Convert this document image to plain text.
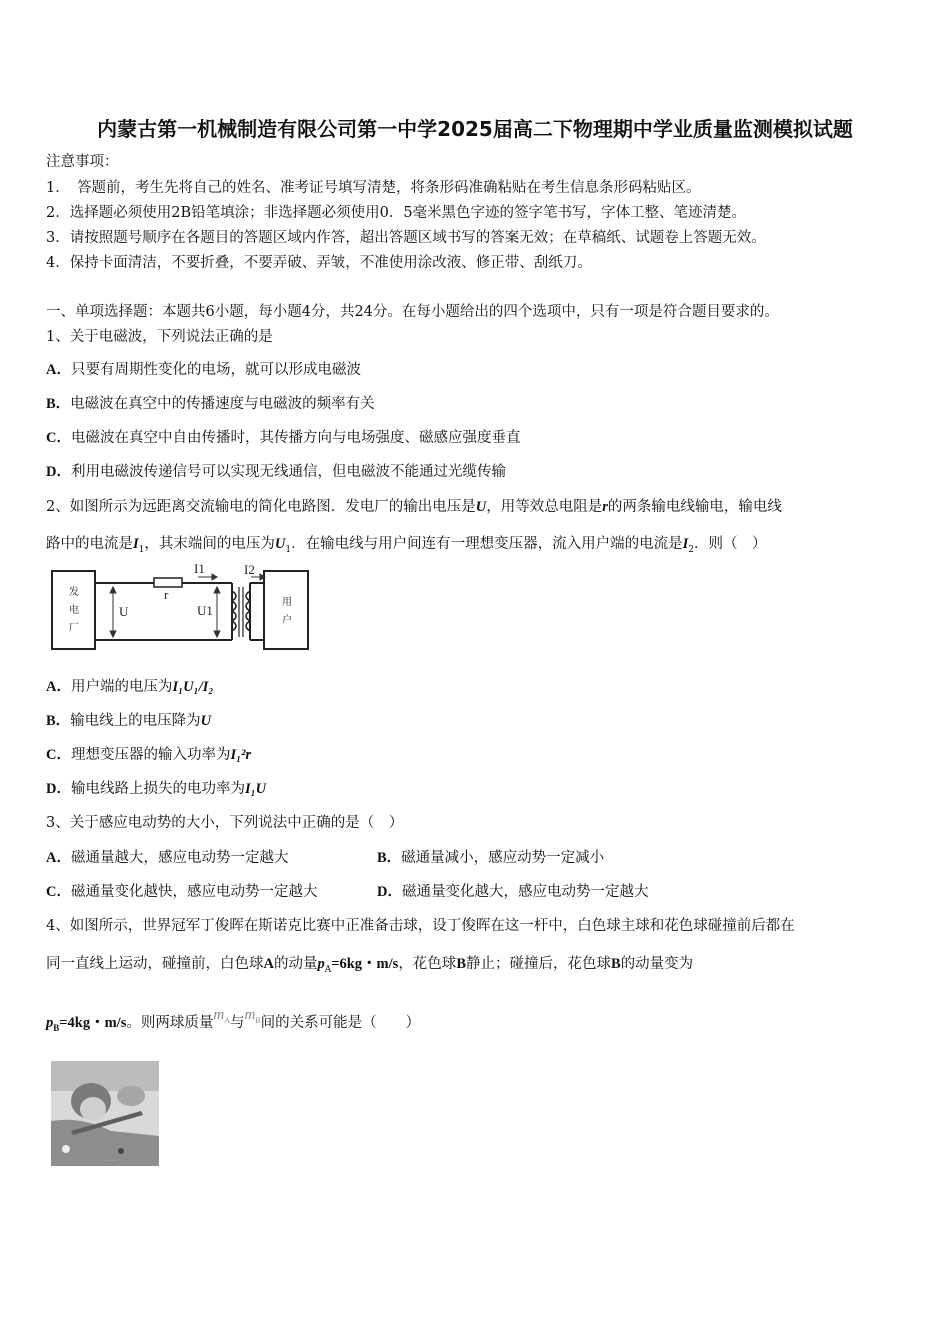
内蒙古第一机械制造有限公司第一中学2025届高二下物理期中学业质量监测模拟试题
注意事项：
1．　答题前，考生先将自己的姓名、准考证号填写清楚，将条形码准确粘贴在考生信息条形码粘贴区。
2．选择题必须使用2B铅笔填涂；非选择题必须使用0．5毫米黑色字迹的签字笔书写，字体工整、笔迹清楚。
3．请按照题号顺序在各题目的答题区域内作答，超出答题区域书写的答案无效；在草稿纸、试题卷上答题无效。
4．保持卡面清洁，不要折叠，不要弄破、弄皱，不准使用涂改液、修正带、刮纸刀。
一、单项选择题：本题共6小题，每小题4分，共24分。在每小题给出的四个选项中，只有一项是符合题目要求的。
1、关于电磁波，下列说法正确的是
A．只要有周期性变化的电场，就可以形成电磁波
B．电磁波在真空中的传播速度与电磁波的频率有关
C．电磁波在真空中自由传播时，其传播方向与电场强度、磁感应强度垂直
D．利用电磁波传递信号可以实现无线通信，但电磁波不能通过光缆传输
2、如图所示为远距离交流输电的简化电路图．发电厂的输出电压是U，用等效总电阻是r的两条输电线输电，输电线
路中的电流是$I_1$，其末端间的电压为$U_1$．在输电线与用户间连有一理想变压器，流入用户端的电流是$I_2$．则（　）
发
电
厂
用
户
U
r
I1
U1
I2
A．用户端的电压为I₁U₁/I₂
B．输电线上的电压降为U
C．理想变压器的输入功率为I₁²r
D．输电线路上损失的电功率为I₁U
3、关于感应电动势的大小，下列说法中正确的是（　）
A．磁通量越大，感应电动势一定越大	B．磁通量减小，感应动势一定减小
C．磁通量变化越快，感应电动势一定越大	D．磁通量变化越大，感应电动势一定越大
4、如图所示，世界冠军丁俊晖在斯诺克比赛中正准备击球，设丁俊晖在这一杆中，白色球主球和花色球碰撞前后都在
同一直线上运动，碰撞前，白色球A的动量$p_A=6kg$・m/s，花色球B静止；碰撞后，花色球B的动量变为
$p_B=4kg$・m/s。则两球质量$m_A$与$m_B$间的关系可能是（　　）
snooker player photo
